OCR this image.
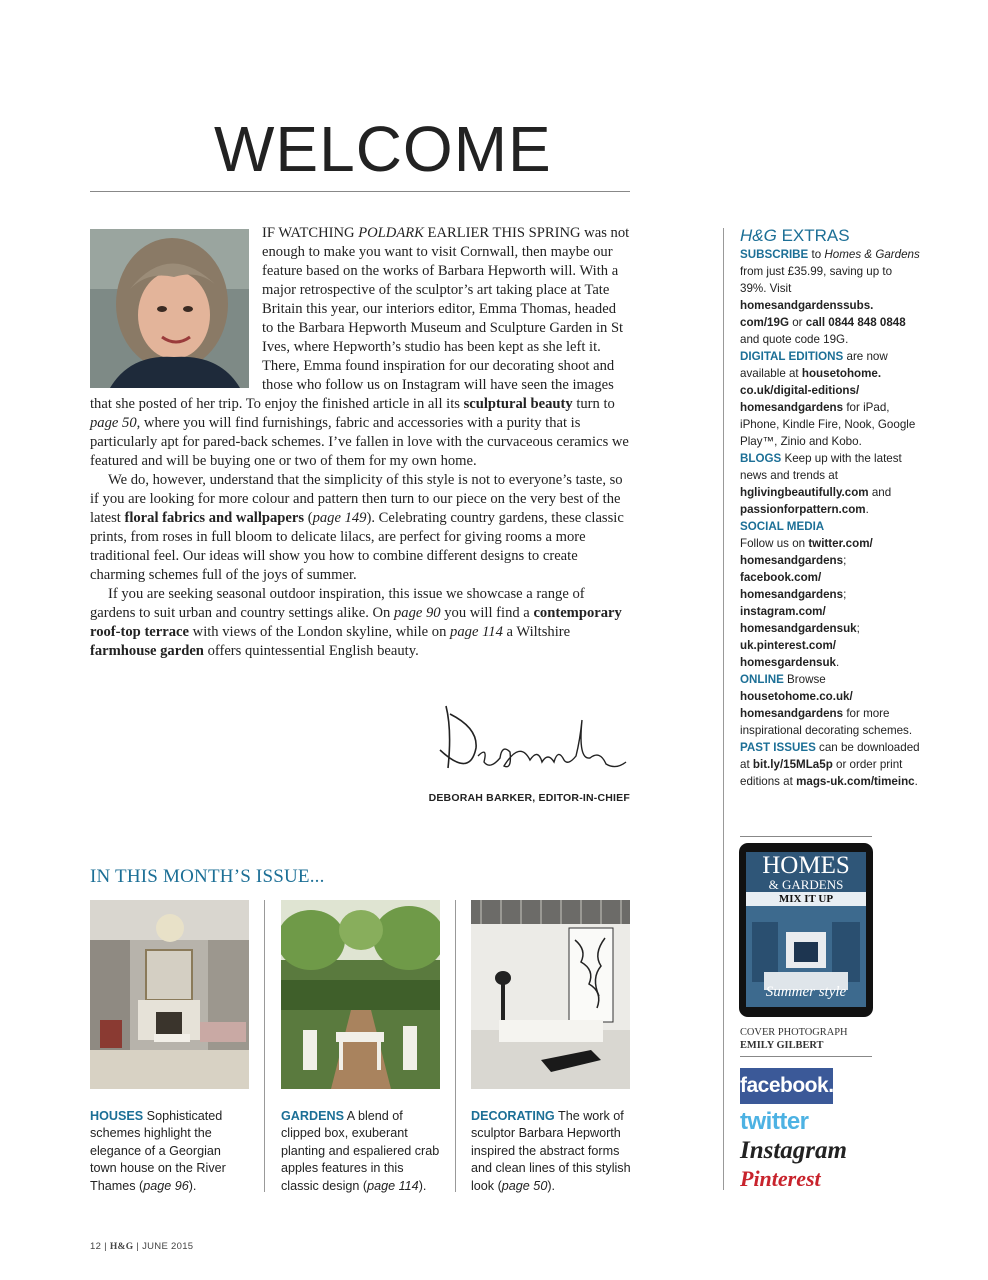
WELCOME

IF WATCHING POLDARK EARLIER THIS SPRING was not enough to make you want to visit Cornwall, then maybe our feature based on the works of Barbara Hepworth will. With a major retrospective of the sculptor’s art taking place at Tate Britain this year, our interiors editor, Emma Thomas, headed to the Barbara Hepworth Museum and Sculpture Garden in St Ives, where Hepworth’s studio has been kept as she left it. There, Emma found inspiration for our decorating shoot and those who follow us on Instagram will have seen the images that she posted of her trip. To enjoy the finished article in all its sculptural beauty turn to page 50, where you will find furnishings, fabric and accessories with a purity that is particularly apt for pared-back schemes. I’ve fallen in love with the curvaceous ceramics we featured and will be buying one or two of them for my own home.

We do, however, understand that the simplicity of this style is not to everyone’s taste, so if you are looking for more colour and pattern then turn to our piece on the very best of the latest floral fabrics and wallpapers (page 149). Celebrating country gardens, these classic prints, from roses in full bloom to delicate lilacs, are perfect for giving rooms a more traditional feel. Our ideas will show you how to combine different designs to create charming schemes full of the joys of summer.

If you are seeking seasonal outdoor inspiration, this issue we showcase a range of gardens to suit urban and country settings alike. On page 90 you will find a contemporary roof-top terrace with views of the London skyline, while on page 114 a Wiltshire farmhouse garden offers quintessential English beauty.

DEBORAH BARKER, EDITOR-IN-CHIEF
IN THIS MONTH’S ISSUE...
HOUSES Sophisticated schemes highlight the elegance of a Georgian town house on the River Thames (page 96).
GARDENS A blend of clipped box, exuberant planting and espaliered crab apples features in this classic design (page 114).
DECORATING The work of sculptor Barbara Hepworth inspired the abstract forms and clean lines of this stylish look (page 50).
H&G EXTRAS
SUBSCRIBE to Homes & Gardens from just £35.99, saving up to 39%. Visit homesandgardenssubs. com/19G or call 0844 848 0848 and quote code 19G.
DIGITAL EDITIONS are now available at housetohome. co.uk/digital-editions/ homesandgardens for iPad, iPhone, Kindle Fire, Nook, Google Play™, Zinio and Kobo.
BLOGS Keep up with the latest news and trends at hglivingbeautifully.com and passionforpattern.com.
SOCIAL MEDIA
Follow us on twitter.com/ homesandgardens; facebook.com/ homesandgardens; instagram.com/ homesandgardensuk; uk.pinterest.com/ homesgardensuk.
ONLINE Browse housetohome.co.uk/ homesandgardens for more inspirational decorating schemes.
PAST ISSUES can be downloaded at bit.ly/15MLa5p or order print editions at mags-uk.com/timeinc.
HOMES
& GARDENS
MIX IT UP
Summer style
COVER PHOTOGRAPH
EMILY GILBERT
facebook.
twitter
Instagram
Pinterest
12 | H&G | JUNE 2015
